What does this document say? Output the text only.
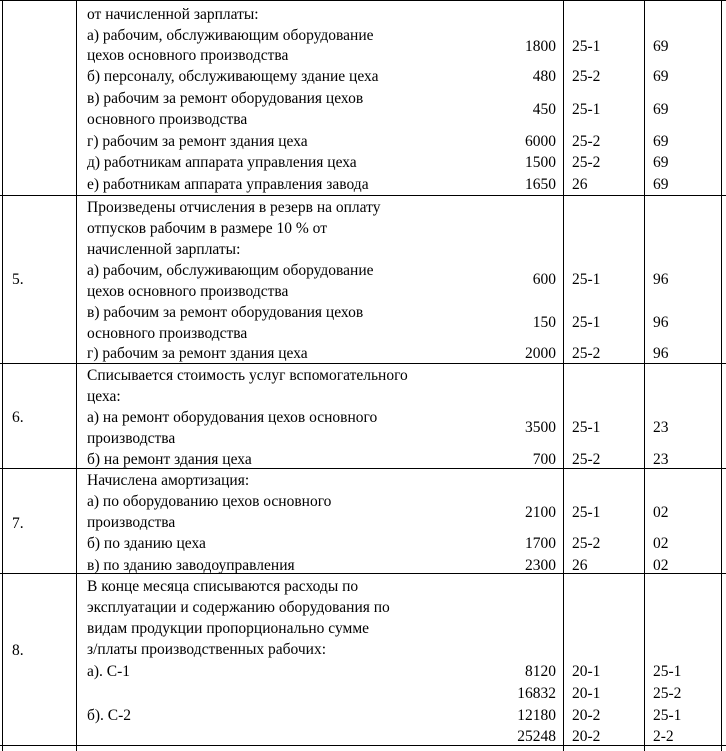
от начисленной зарплаты:
а) рабочим, обслуживающим оборудование
цехов основного производства
1800 25-1	69
б) персоналу, обслуживающему здание цеха	480 25-2	69
в) рабочим за ремонт оборудования цехов
основного производства
450 25-1	69
г) рабочим за ремонт здания цеха	6000 25-2	69
д) работникам аппарата управления цеха	1500 25-2	69
е) работникам аппарата управления завода	1650 26	69
5.
Произведены отчисления в резерв на оплату
отпусков рабочим в размере 10 % от
начисленной зарплаты:
а) рабочим, обслуживающим оборудование
цехов основного производства
600 25-1	96
в) рабочим за ремонт оборудования цехов
основного производства
150 25-1	96
г) рабочим за ремонт здания цеха	2000 25-2	96
6.
Списывается стоимость услуг вспомогательного
цеха:
а) на ремонт оборудования цехов основного
производства
3500 25-1	23
б) на ремонт здания цеха	700 25-2	23
7.
Начислена амортизация:
а) по оборудованию цехов основного
производства
2100 25-1	02
б) по зданию цеха	1700 25-2	02
в) по зданию заводоуправления	2300 26	02
8.
В конце месяца списываются расходы по
эксплуатации и содержанию оборудования по
видам продукции пропорционально сумме
з/платы производственных рабочих:
а). С-1	8120 20-1	25-1
16832 20-1	25-2
б). С-2	12180 20-2	25-1
25248 20-2	2-2
